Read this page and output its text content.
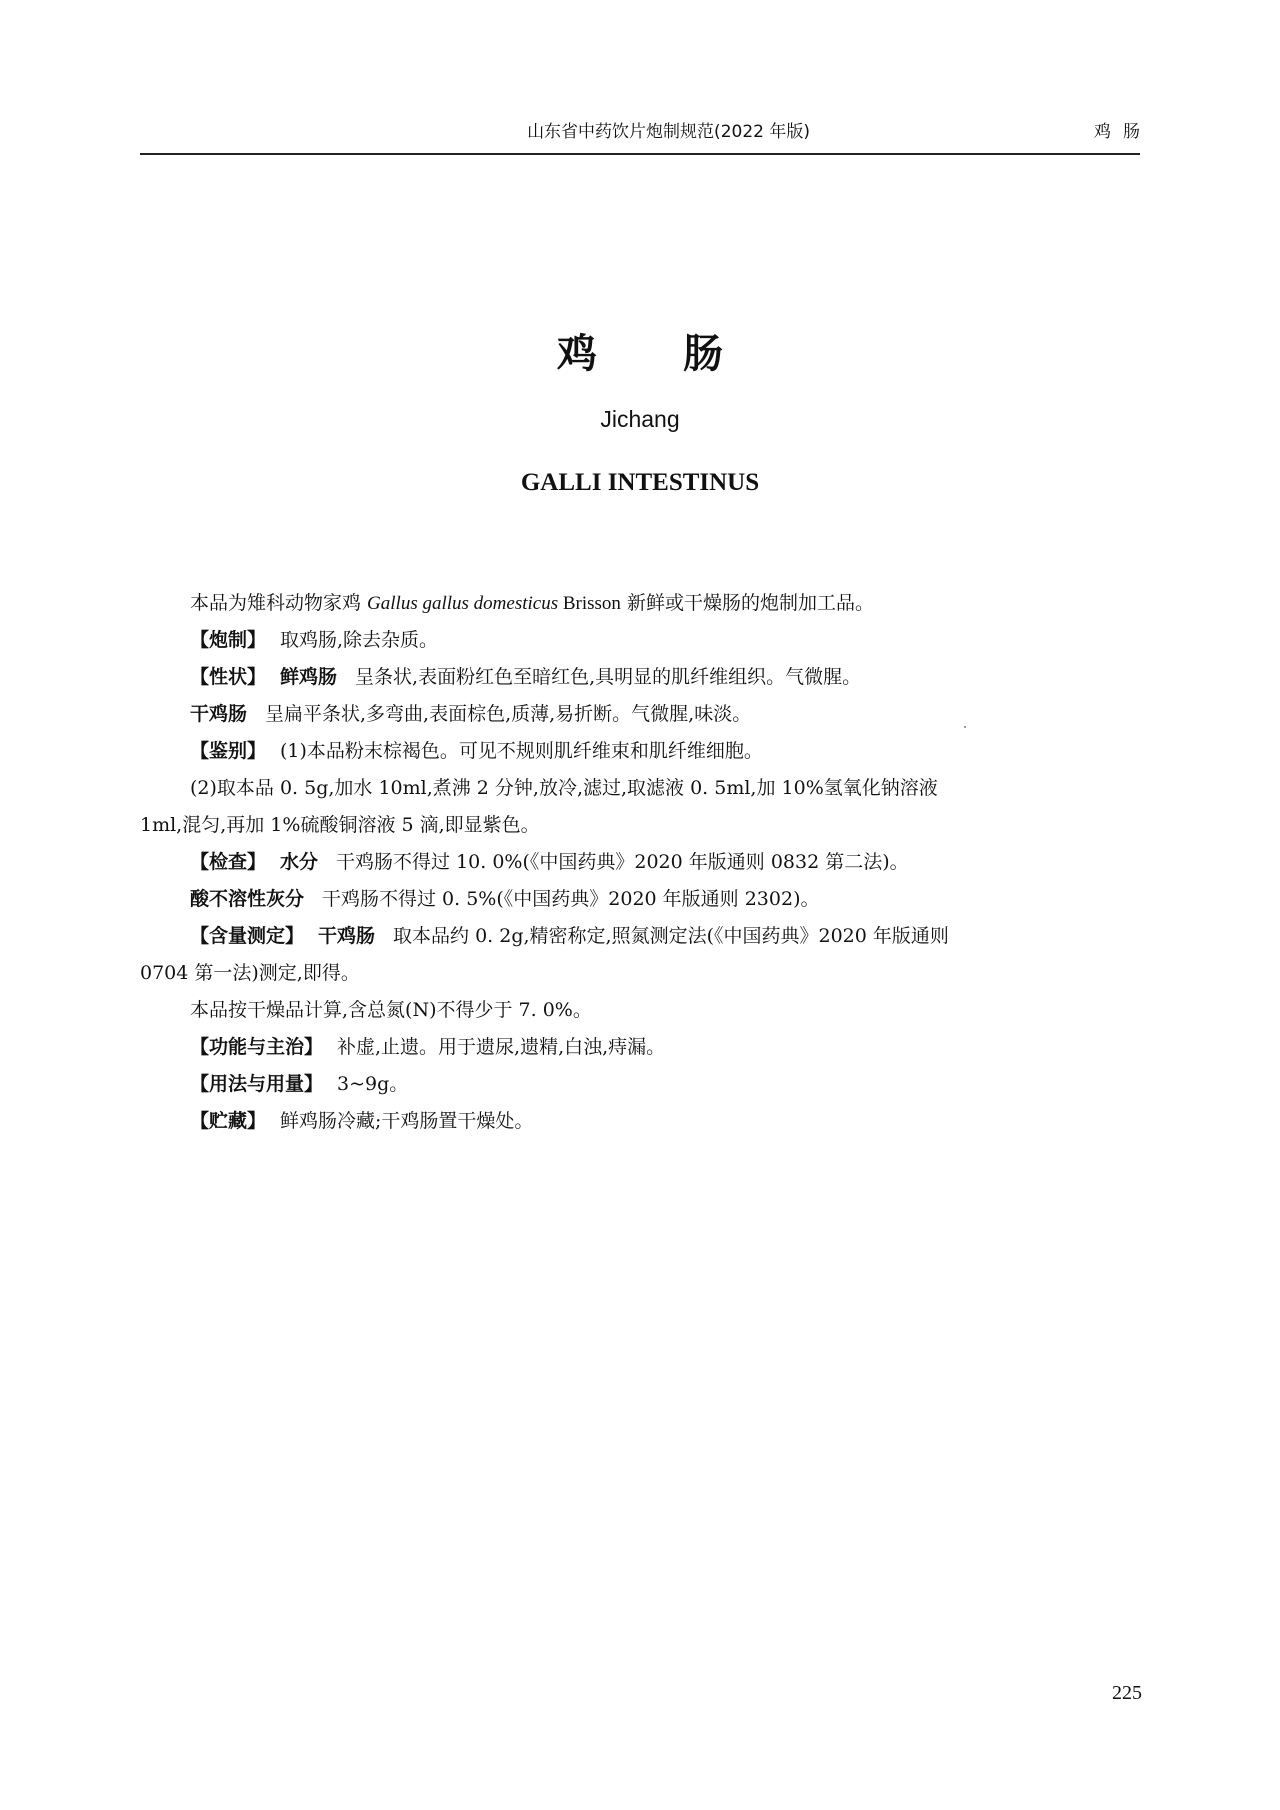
山东省中药饮片炮制规范(2022 年版)	鸡肠
鸡 肠
Jichang
GALLI INTESTINUS

本品为雉科动物家鸡 Gallus gallus domesticus Brisson 新鲜或干燥肠的炮制加工品。

【炮制】 取鸡肠,除去杂质。

【性状】 鲜鸡肠 呈条状,表面粉红色至暗红色,具明显的肌纤维组织。气微腥。

干鸡肠 呈扁平条状,多弯曲,表面棕色,质薄,易折断。气微腥,味淡。

【鉴别】 (1)本品粉末棕褐色。可见不规则肌纤维束和肌纤维细胞。

(2)取本品 0. 5g,加水 10ml,煮沸 2 分钟,放冷,滤过,取滤液 0. 5ml,加 10%氢氧化钠溶液

1ml,混匀,再加 1%硫酸铜溶液 5 滴,即显紫色。

【检查】 水分 干鸡肠不得过 10. 0%(《中国药典》2020 年版通则 0832 第二法)。

酸不溶性灰分 干鸡肠不得过 0. 5%(《中国药典》2020 年版通则 2302)。

【含量测定】 干鸡肠 取本品约 0. 2g,精密称定,照氮测定法(《中国药典》2020 年版通则

0704 第一法)测定,即得。

本品按干燥品计算,含总氮(N)不得少于 7. 0%。

【功能与主治】 补虚,止遗。用于遗尿,遗精,白浊,痔漏。

【用法与用量】 3~9g。

【贮藏】 鲜鸡肠冷藏;干鸡肠置干燥处。

225
